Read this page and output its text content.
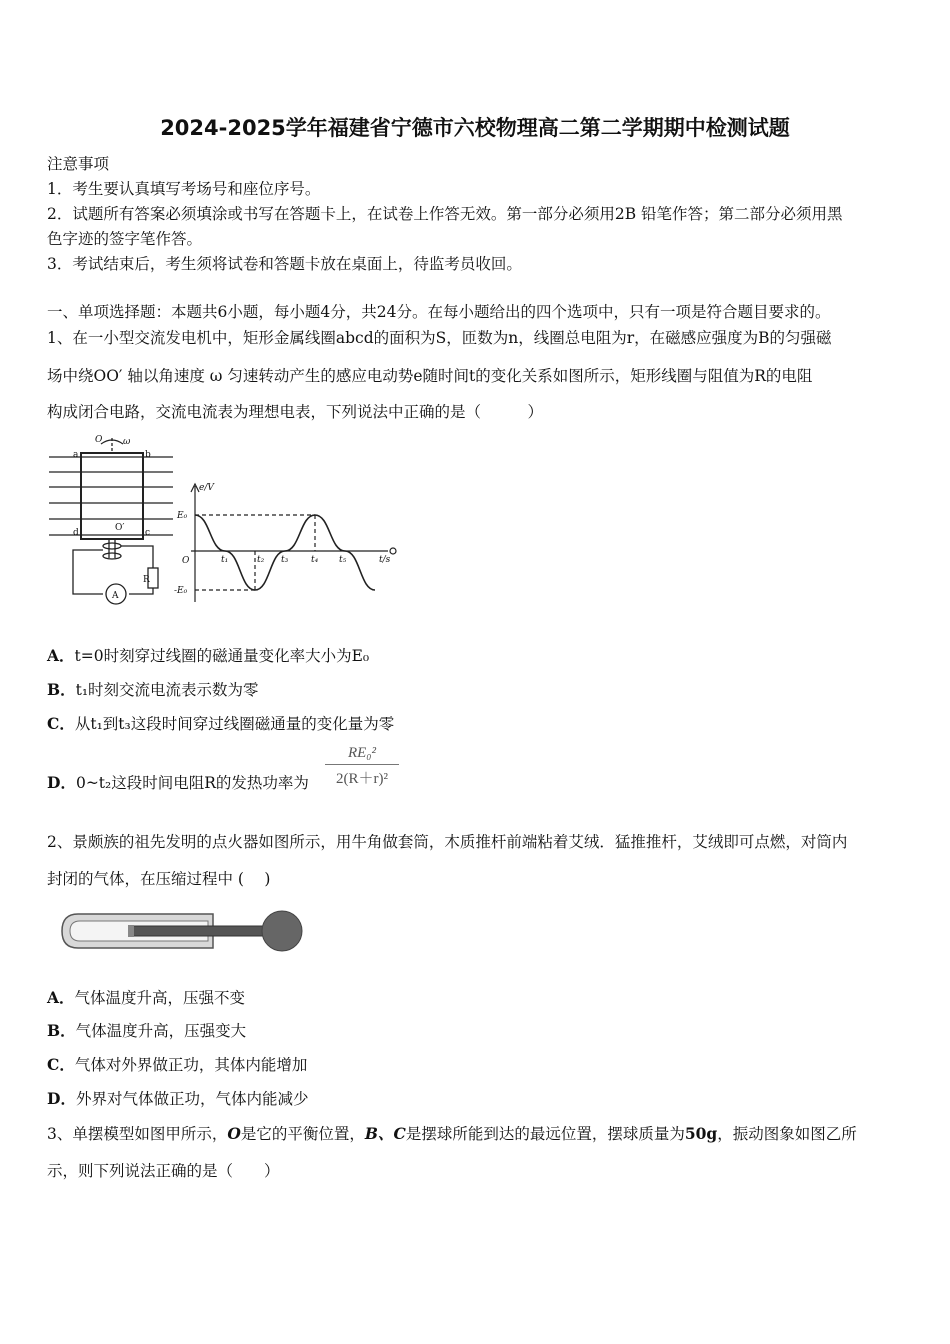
2024-2025学年福建省宁德市六校物理高二第二学期期中检测试题
注意事项
1．考生要认真填写考场号和座位序号。
2．试题所有答案必须填涂或书写在答题卡上，在试卷上作答无效。第一部分必须用2B 铅笔作答；第二部分必须用黑
色字迹的签字笔作答。
3．考试结束后，考生须将试卷和答题卡放在桌面上，待监考员收回。
一、单项选择题：本题共6小题，每小题4分，共24分。在每小题给出的四个选项中，只有一项是符合题目要求的。
1、在一小型交流发电机中，矩形金属线圈abcd的面积为S，匝数为n，线圈总电阻为r，在磁感应强度为B的匀强磁
场中绕OO′ 轴以角速度 ω 匀速转动产生的感应电动势e随时间t的变化关系如图所示，矩形线圈与阻值为R的电阻
构成闭合电路，交流电流表为理想电表，下列说法中正确的是（　　　）
O ω
a	b
d	c
O′
A
R
e/V
E₀
-E₀
O	t₁	t₂ t₃	t₄ t₅	t/s
A．t=0时刻穿过线圈的磁通量变化率大小为E₀
B．t₁时刻交流电流表示数为零
C．从t₁到t₃这段时间穿过线圈磁通量的变化量为零
D．0~t₂这段时间电阻R的发热功率为 $\frac{\text{RE₀²}}{\text{2(R＋r)²}}$
2、景颇族的祖先发明的点火器如图所示，用牛角做套筒，木质推杆前端粘着艾绒．猛推推杆，艾绒即可点燃，对筒内
封闭的气体，在压缩过程中 (　 )
A．气体温度升高，压强不变
B．气体温度升高，压强变大
C．气体对外界做正功，其体内能增加
D．外界对气体做正功，气体内能减少
3、单摆模型如图甲所示，O是它的平衡位置，B、C是摆球所能到达的最远位置，摆球质量为50g，振动图象如图乙所
示，则下列说法正确的是（　　）
